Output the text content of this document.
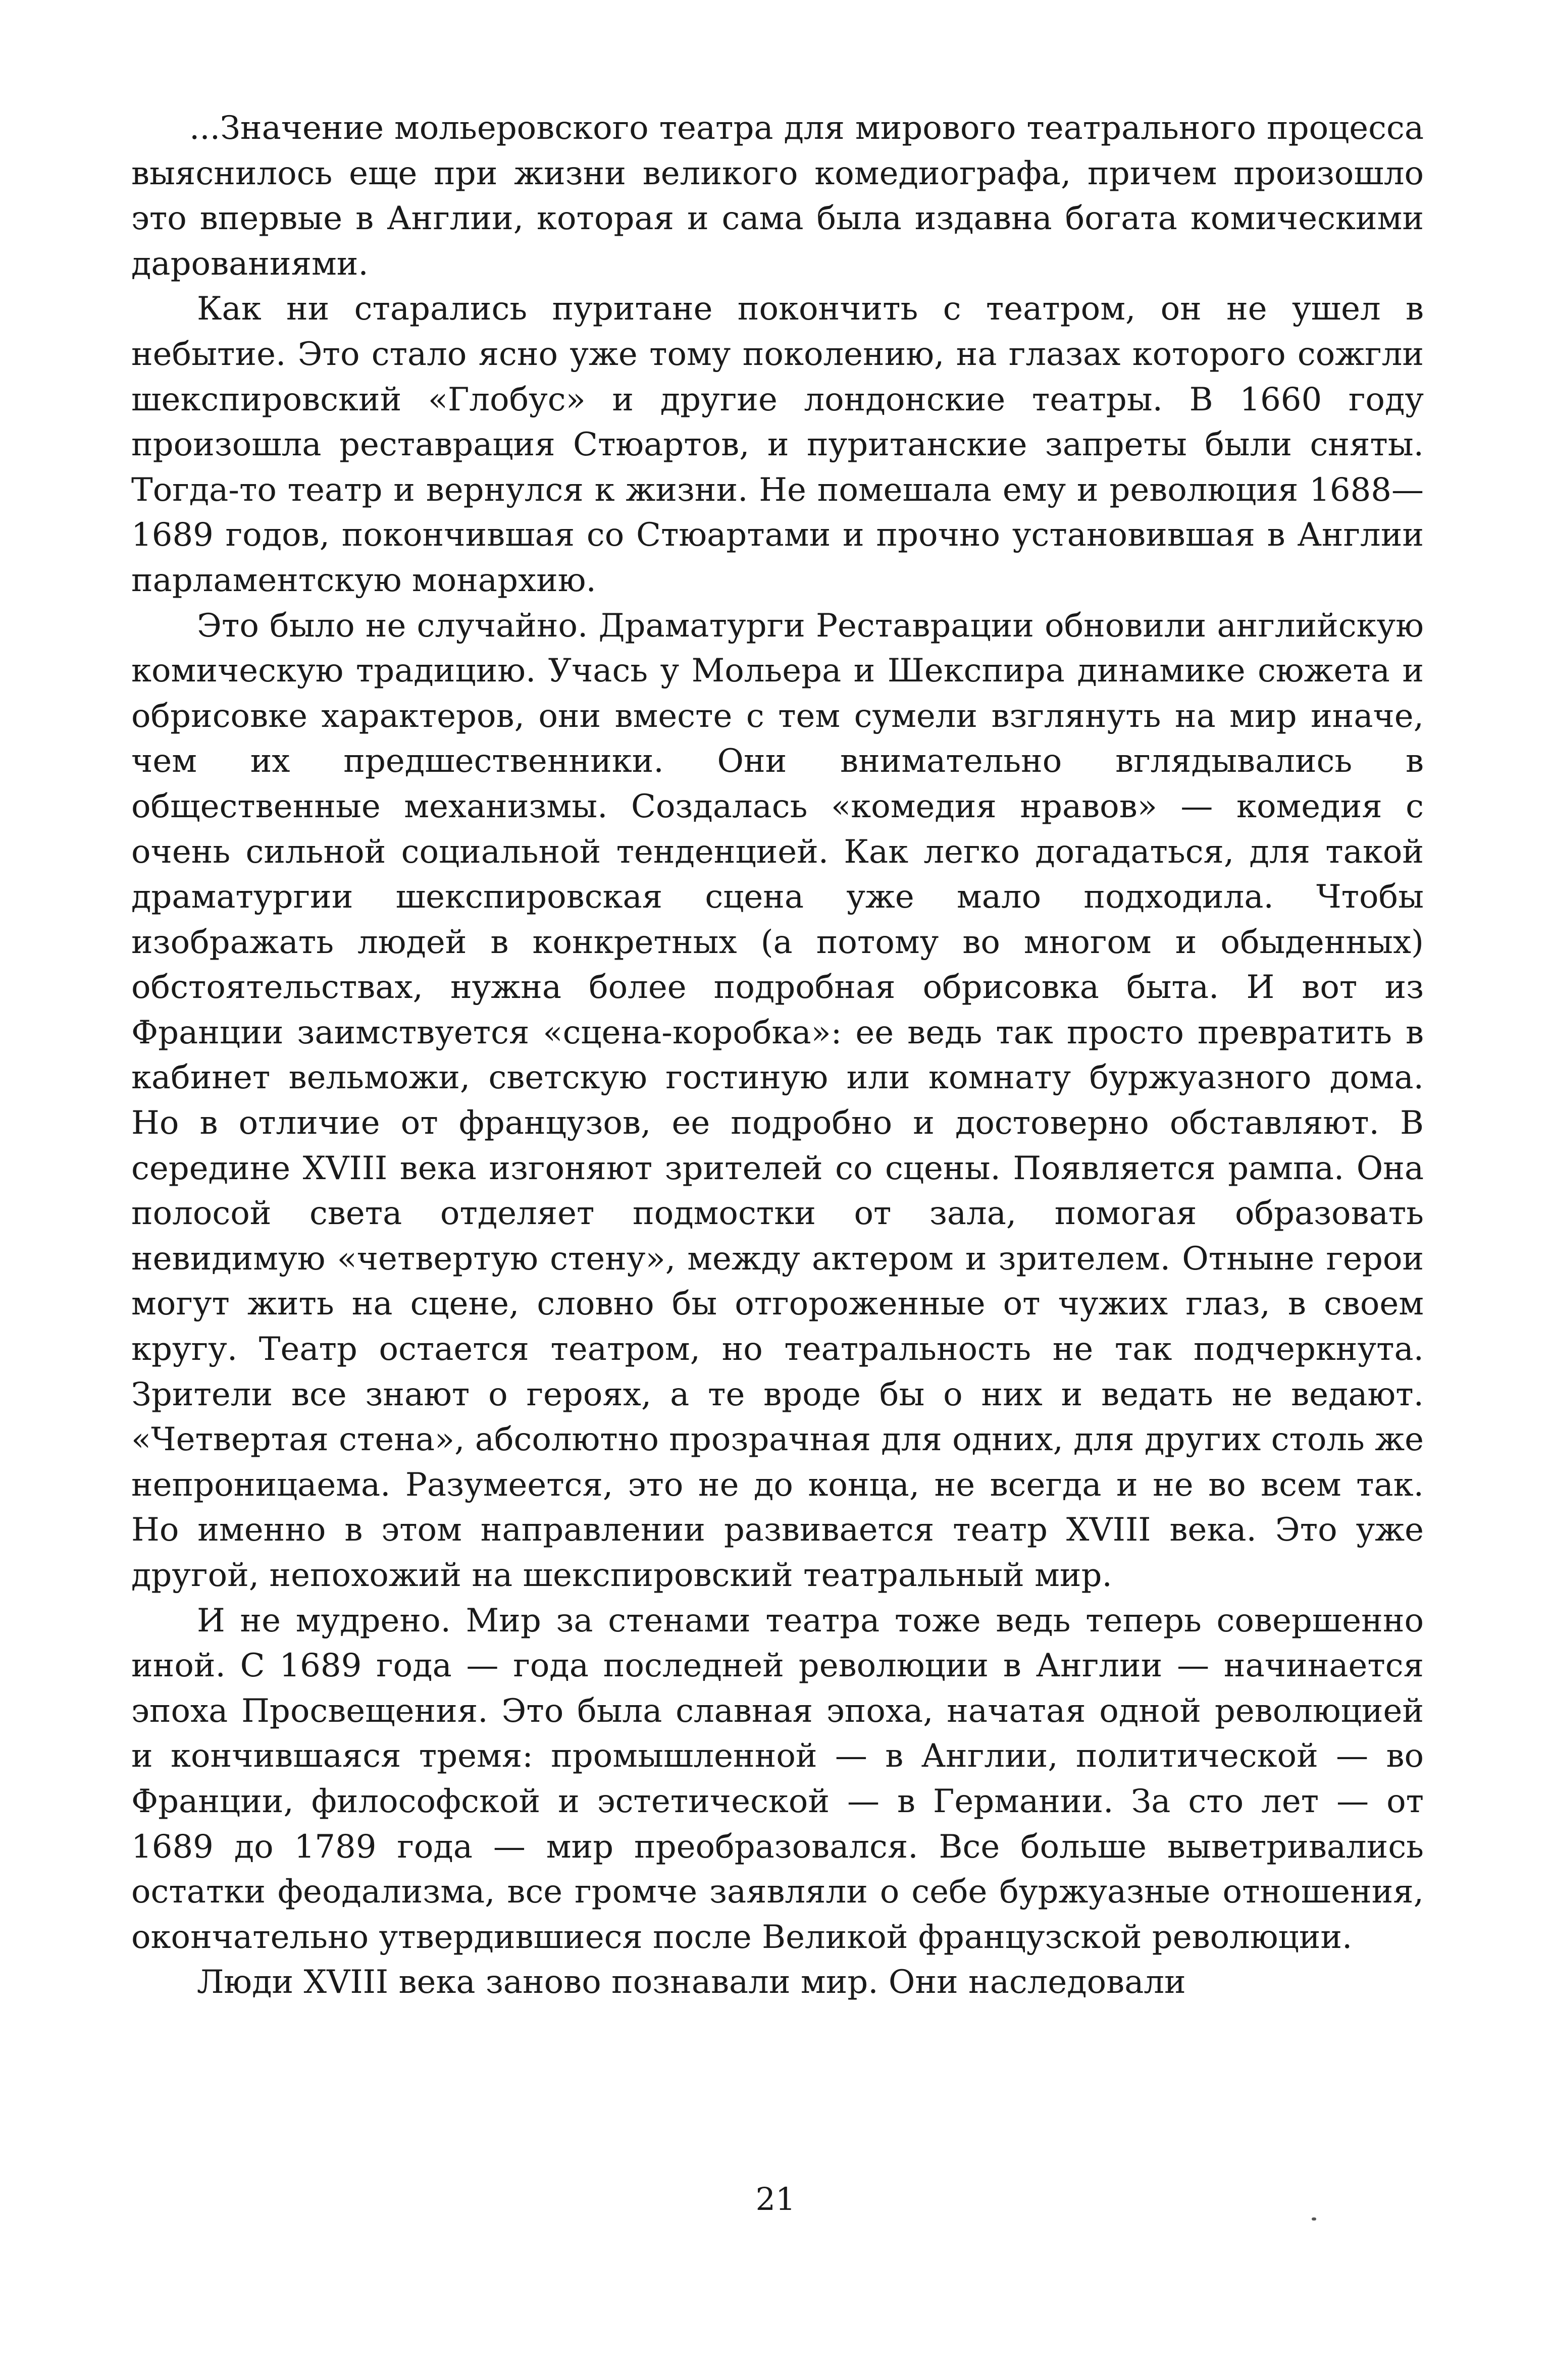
...Значение мольеровского театра для мирового театрального процесса выяснилось еще при жизни великого комедиографа, причем произошло это впервые в Англии, которая и сама была издавна богата комическими дарованиями.

Как ни старались пуритане покончить с театром, он не ушел в небытие. Это стало ясно уже тому поколению, на глазах которого сожгли шекспировский «Глобус» и другие лондонские театры. В 1660 году произошла реставрация Стюартов, и пуританские запреты были сняты. Тогда-то театр и вернулся к жизни. Не помешала ему и революция 1688—1689 годов, покончившая со Стюартами и прочно установившая в Англии парламентскую монархию.

Это было не случайно. Драматурги Реставрации обновили английскую комическую традицию. Учась у Мольера и Шекспира динамике сюжета и обрисовке характеров, они вместе с тем сумели взглянуть на мир иначе, чем их предшественники. Они внимательно вглядывались в общественные механизмы. Создалась «комедия нравов» — комедия с очень сильной социальной тенденцией. Как легко догадаться, для такой драматургии шекспировская сцена уже мало подходила. Чтобы изображать людей в конкретных (а потому во многом и обыденных) обстоятельствах, нужна более подробная обрисовка быта. И вот из Франции заимствуется «сцена-коробка»: ее ведь так просто превратить в кабинет вельможи, светскую гостиную или комнату буржуазного дома. Но в отличие от французов, ее подробно и достоверно обставляют. В середине XVIII века изгоняют зрителей со сцены. Появляется рампа. Она полосой света отделяет подмостки от зала, помогая образовать невидимую «четвертую стену», между актером и зрителем. Отныне герои могут жить на сцене, словно бы отгороженные от чужих глаз, в своем кругу. Театр остается театром, но театральность не так подчеркнута. Зрители все знают о героях, а те вроде бы о них и ведать не ведают. «Четвертая стена», абсолютно прозрачная для одних, для других столь же непроницаема. Разумеется, это не до конца, не всегда и не во всем так. Но именно в этом направлении развивается театр XVIII века. Это уже другой, непохожий на шекспировский театральный мир.

И не мудрено. Мир за стенами театра тоже ведь теперь совершенно иной. С 1689 года — года последней революции в Англии — начинается эпоха Просвещения. Это была славная эпоха, начатая одной революцией и кончившаяся тремя: промышленной — в Англии, политической — во Франции, философской и эстетической — в Германии. За сто лет — от 1689 до 1789 года — мир преобразовался. Все больше выветривались остатки феодализма, все громче заявляли о себе буржуазные отношения, окончательно утвердившиеся после Великой французской революции.

Люди XVIII века заново познавали мир. Они наследовали

21
